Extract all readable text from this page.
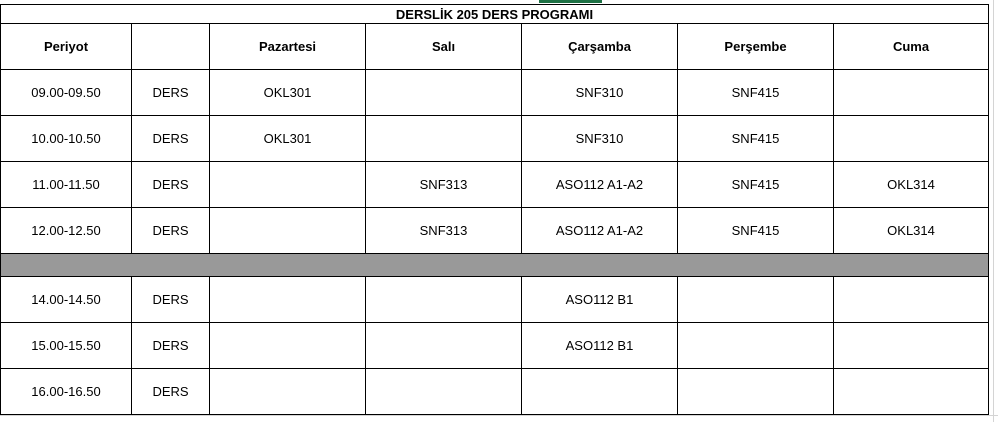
DERSLİK 205 DERS PROGRAMI						
Periyot		Pazartesi	Salı	Çarşamba	Perşembe	Cuma
09.00-09.50	DERS	OKL301		SNF310	SNF415	
10.00-10.50	DERS	OKL301		SNF310	SNF415	
11.00-11.50	DERS		SNF313	ASO112 A1-A2	SNF415	OKL314
12.00-12.50	DERS		SNF313	ASO112 A1-A2	SNF415	OKL314

14.00-14.50	DERS			ASO112 B1		
15.00-15.50	DERS			ASO112 B1		
16.00-16.50	DERS					
